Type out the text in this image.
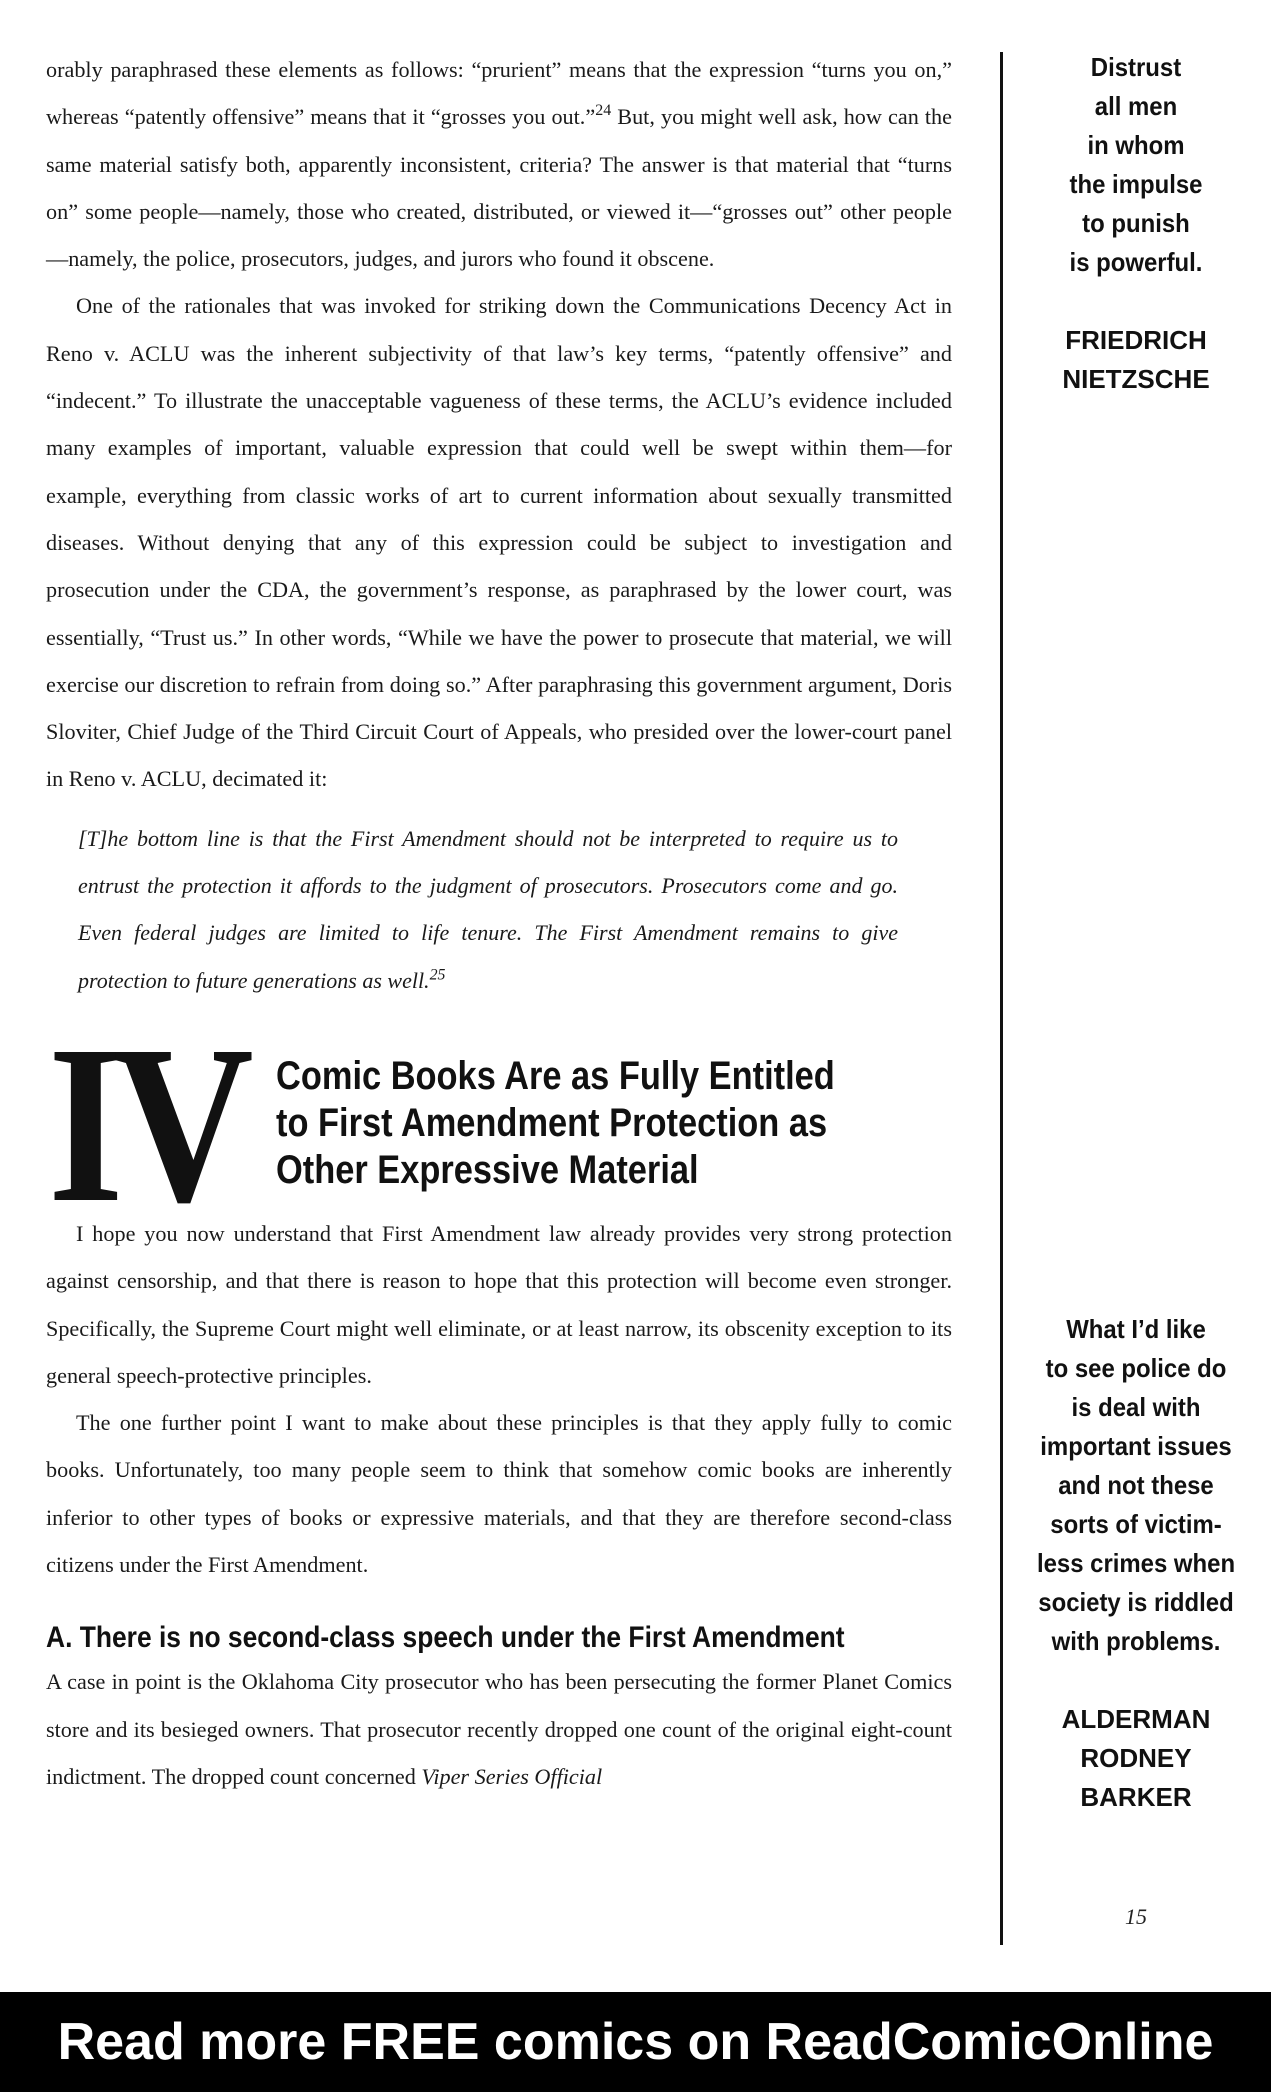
orably paraphrased these elements as follows: “prurient” means that the expression “turns you on,” whereas “patently offensive” means that it “grosses you out.”$^{24}$ But, you might well ask, how can the same material satisfy both, apparently inconsistent, criteria? The answer is that material that “turns on” some people—namely, those who created, distributed, or viewed it—“grosses out” other people—namely, the police, prosecutors, judges, and jurors who found it obscene.

One of the rationales that was invoked for striking down the Communications Decency Act in Reno v. ACLU was the inherent subjectivity of that law’s key terms, “patently offensive” and “indecent.” To illustrate the unacceptable vagueness of these terms, the ACLU’s evidence included many examples of important, valuable expression that could well be swept within them—for example, everything from classic works of art to current information about sexually transmitted diseases. Without denying that any of this expression could be subject to investigation and prosecution under the CDA, the government’s response, as paraphrased by the lower court, was essentially, “Trust us.” In other words, “While we have the power to prosecute that material, we will exercise our discretion to refrain from doing so.” After paraphrasing this government argument, Doris Sloviter, Chief Judge of the Third Circuit Court of Appeals, who presided over the lower-court panel in Reno v. ACLU, decimated it:

[T]he bottom line is that the First Amendment should not be interpreted to require us to entrust the protection it affords to the judgment of prosecutors. Prosecutors come and go. Even federal judges are limited to life tenure. The First Amendment remains to give protection to future generations as well.$^{25}$
IV Comic Books Are as Fully Entitled to First Amendment Protection as Other Expressive Material

I hope you now understand that First Amendment law already provides very strong protection against censorship, and that there is reason to hope that this protection will become even stronger. Specifically, the Supreme Court might well eliminate, or at least narrow, its obscenity exception to its general speech-protective principles.

The one further point I want to make about these principles is that they apply fully to comic books. Unfortunately, too many people seem to think that somehow comic books are inherently inferior to other types of books or expressive materials, and that they are therefore second-class citizens under the First Amendment.

A. There is no second-class speech under the First Amendment

A case in point is the Oklahoma City prosecutor who has been persecuting the former Planet Comics store and its besieged owners. That prosecutor recently dropped one count of the original eight-count indictment. The dropped count concerned Viper Series Official

Distrust
all men
in whom
the impulse
to punish
is powerful.
FRIEDRICH
NIETZSCHE
What I’d like
to see police do
is deal with
important issues
and not these
sorts of victim-
less crimes when
society is riddled
with problems.
ALDERMAN
RODNEY
BARKER
15
Read more FREE comics on ReadComicOnline
